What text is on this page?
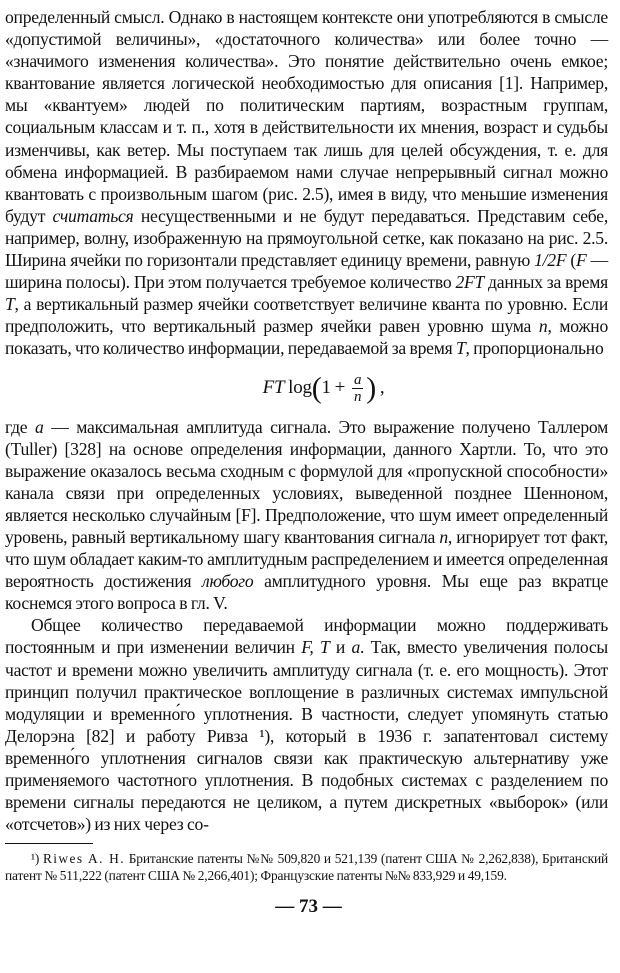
определенный смысл. Однако в настоящем контексте они употребляются в смысле «допустимой величины», «достаточного количества» или более точно — «значимого изменения количества». Это понятие действительно очень емкое; квантование является логической необходимостью для описания [1]. Например, мы «квантуем» людей по политическим партиям, возрастным группам, социальным классам и т. п., хотя в действительности их мнения, возраст и судьбы изменчивы, как ветер. Мы поступаем так лишь для целей обсуждения, т. е. для обмена информацией. В разбираемом нами случае непрерывный сигнал можно квантовать с произвольным шагом (рис. 2.5), имея в виду, что меньшие изменения будут считаться несущественными и не будут передаваться. Представим себе, например, волну, изображенную на прямоугольной сетке, как показано на рис. 2.5. Ширина ячейки по горизонтали представляет единицу времени, равную 1/2F (F — ширина полосы). При этом получается требуемое количество 2FT данных за время T, а вертикальный размер ячейки соответствует величине кванта по уровню. Если предположить, что вертикальный размер ячейки равен уровню шума n, можно показать, что количество информации, передаваемой за время T, пропорционально

FT $\log(1 + \frac{a}{n}$ ) ,

где a — максимальная амплитуда сигнала. Это выражение получено Таллером (Tuller) [328] на основе определения информации, данного Хартли. То, что это выражение оказалось весьма сходным с формулой для «пропускной способности» канала связи при определенных условиях, выведенной позднее Шенноном, является несколько случайным [F]. Предположение, что шум имеет определенный уровень, равный вертикальному шагу квантования сигнала n, игнорирует тот факт, что шум обладает каким-то амплитудным распределением и имеется определенная вероятность достижения любого амплитудного уровня. Мы еще раз вкратце коснемся этого вопроса в гл. V.

Общее количество передаваемой информации можно поддерживать постоянным и при изменении величин F, T и a. Так, вместо увеличения полосы частот и времени можно увеличить амплитуду сигнала (т. е. его мощность). Этот принцип получил практическое воплощение в различных системах импульсной модуляции и временно́го уплотнения. В частности, следует упомянуть статью Делорэна [82] и работу Ривза ¹), который в 1936 г. запатентовал систему временно́го уплотнения сигналов связи как практическую альтернативу уже применяемого частотного уплотнения. В подобных системах с разделением по времени сигналы передаются не целиком, а путем дискретных «выборок» (или «отсчетов») из них через со-

¹) Riwes A. H. Британские патенты №№ 509,820 и 521,139 (патент США № 2,262,838), Британский патент № 511,222 (патент США № 2,266,401); Французские патенты №№ 833,929 и 49,159.

— 73 —
